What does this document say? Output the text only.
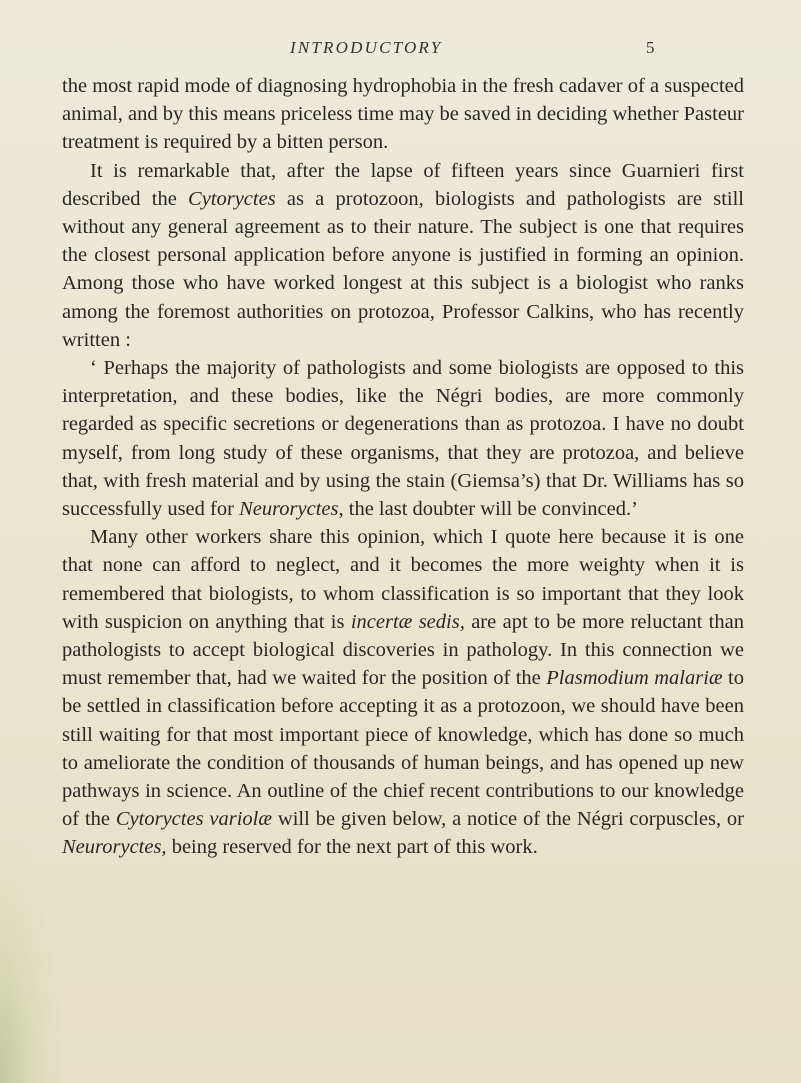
INTRODUCTORY	5

the most rapid mode of diagnosing hydrophobia in the fresh cadaver of a suspected animal, and by this means priceless time may be saved in deciding whether Pasteur treatment is required by a bitten person.

It is remarkable that, after the lapse of fifteen years since Guarnieri first described the Cytoryctes as a protozoon, biologists and pathologists are still without any general agreement as to their nature. The subject is one that requires the closest personal application before anyone is justified in forming an opinion. Among those who have worked longest at this subject is a biologist who ranks among the foremost authorities on protozoa, Professor Calkins, who has recently written :

‘ Perhaps the majority of pathologists and some biologists are opposed to this interpretation, and these bodies, like the Négri bodies, are more commonly regarded as specific secretions or degenerations than as protozoa. I have no doubt myself, from long study of these organisms, that they are protozoa, and believe that, with fresh material and by using the stain (Giemsa’s) that Dr. Williams has so successfully used for Neuroryctes, the last doubter will be convinced.’

Many other workers share this opinion, which I quote here because it is one that none can afford to neglect, and it becomes the more weighty when it is remembered that biologists, to whom classification is so important that they look with suspicion on anything that is incertæ sedis, are apt to be more reluctant than pathologists to accept biological discoveries in pathology. In this connection we must remember that, had we waited for the position of the Plasmodium malariæ to be settled in classification before accepting it as a protozoon, we should have been still waiting for that most important piece of knowledge, which has done so much to ameliorate the condition of thousands of human beings, and has opened up new pathways in science. An outline of the chief recent contributions to our knowledge of the Cytoryctes variolæ will be given below, a notice of the Négri corpuscles, or Neuroryctes, being reserved for the next part of this work.
